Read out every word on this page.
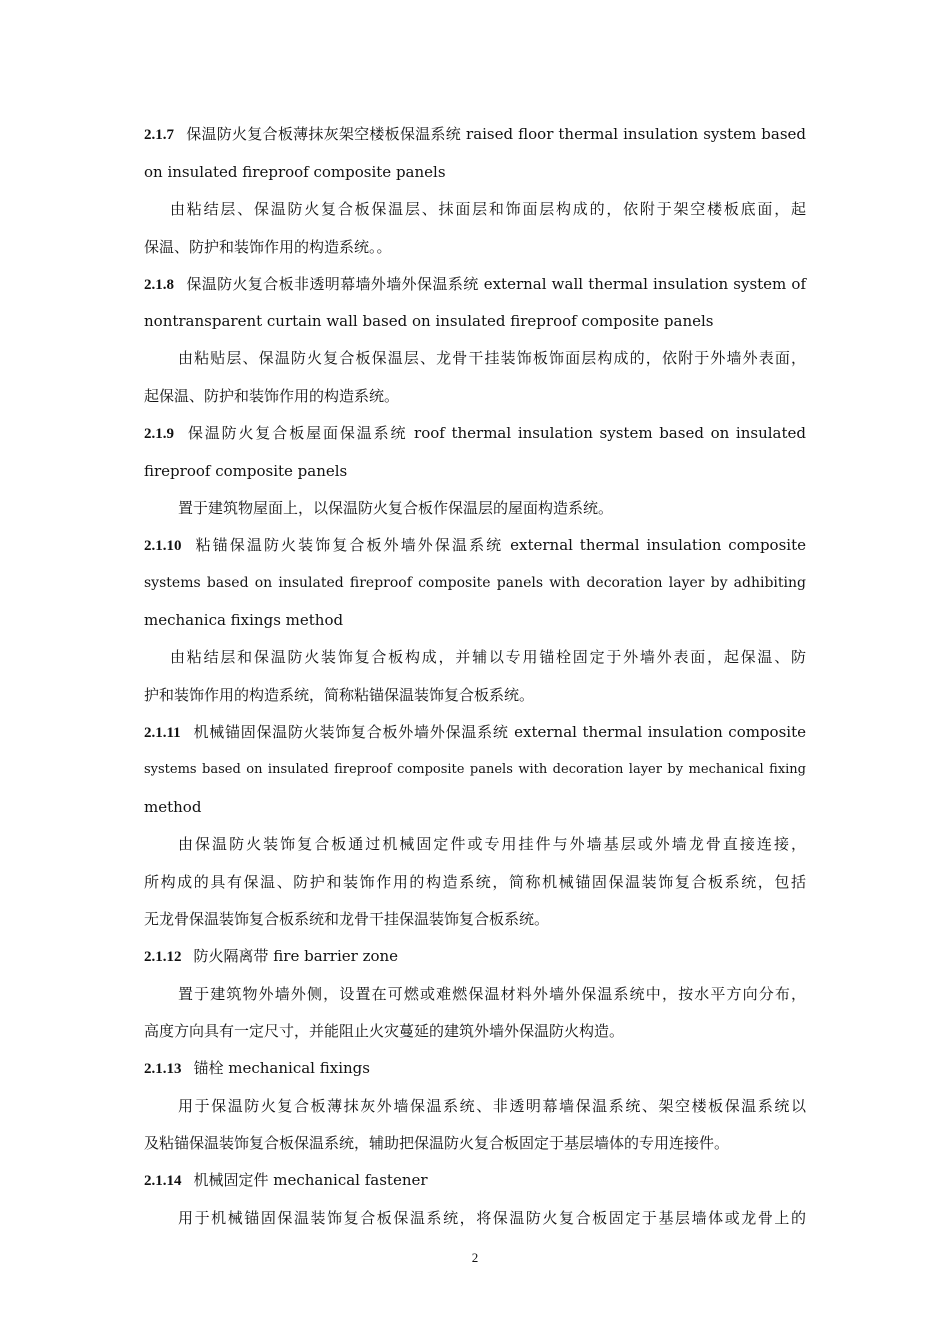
2.1.7 保温防火复合板薄抹灰架空楼板保温系统 raised floor thermal insulation system based
on insulated fireproof composite panels
由粘结层、保温防火复合板保温层、抹面层和饰面层构成的，依附于架空楼板底面，起
保温、防护和装饰作用的构造系统。。
2.1.8 保温防火复合板非透明幕墙外墙外保温系统 external wall thermal insulation system of
nontransparent curtain wall based on insulated fireproof composite panels
由粘贴层、保温防火复合板保温层、龙骨干挂装饰板饰面层构成的，依附于外墙外表面，
起保温、防护和装饰作用的构造系统。
2.1.9 保温防火复合板屋面保温系统 roof thermal insulation system based on insulated
fireproof composite panels
置于建筑物屋面上，以保温防火复合板作保温层的屋面构造系统。
2.1.10 粘锚保温防火装饰复合板外墙外保温系统 external thermal insulation composite
systems based on insulated fireproof composite panels with decoration layer by adhibiting
mechanica fixings method
由粘结层和保温防火装饰复合板构成，并辅以专用锚栓固定于外墙外表面，起保温、防
护和装饰作用的构造系统，简称粘锚保温装饰复合板系统。
2.1.11 机械锚固保温防火装饰复合板外墙外保温系统 external thermal insulation composite
systems based on insulated fireproof composite panels with decoration layer by mechanical fixing
method
由保温防火装饰复合板通过机械固定件或专用挂件与外墙基层或外墙龙骨直接连接，
所构成的具有保温、防护和装饰作用的构造系统，简称机械锚固保温装饰复合板系统，包括
无龙骨保温装饰复合板系统和龙骨干挂保温装饰复合板系统。
2.1.12 防火隔离带 fire barrier zone
置于建筑物外墙外侧，设置在可燃或难燃保温材料外墙外保温系统中，按水平方向分布，
高度方向具有一定尺寸，并能阻止火灾蔓延的建筑外墙外保温防火构造。
2.1.13 锚栓 mechanical fixings
用于保温防火复合板薄抹灰外墙保温系统、非透明幕墙保温系统、架空楼板保温系统以
及粘锚保温装饰复合板保温系统，辅助把保温防火复合板固定于基层墙体的专用连接件。
2.1.14 机械固定件 mechanical fastener
用于机械锚固保温装饰复合板保温系统，将保温防火复合板固定于基层墙体或龙骨上的
2
